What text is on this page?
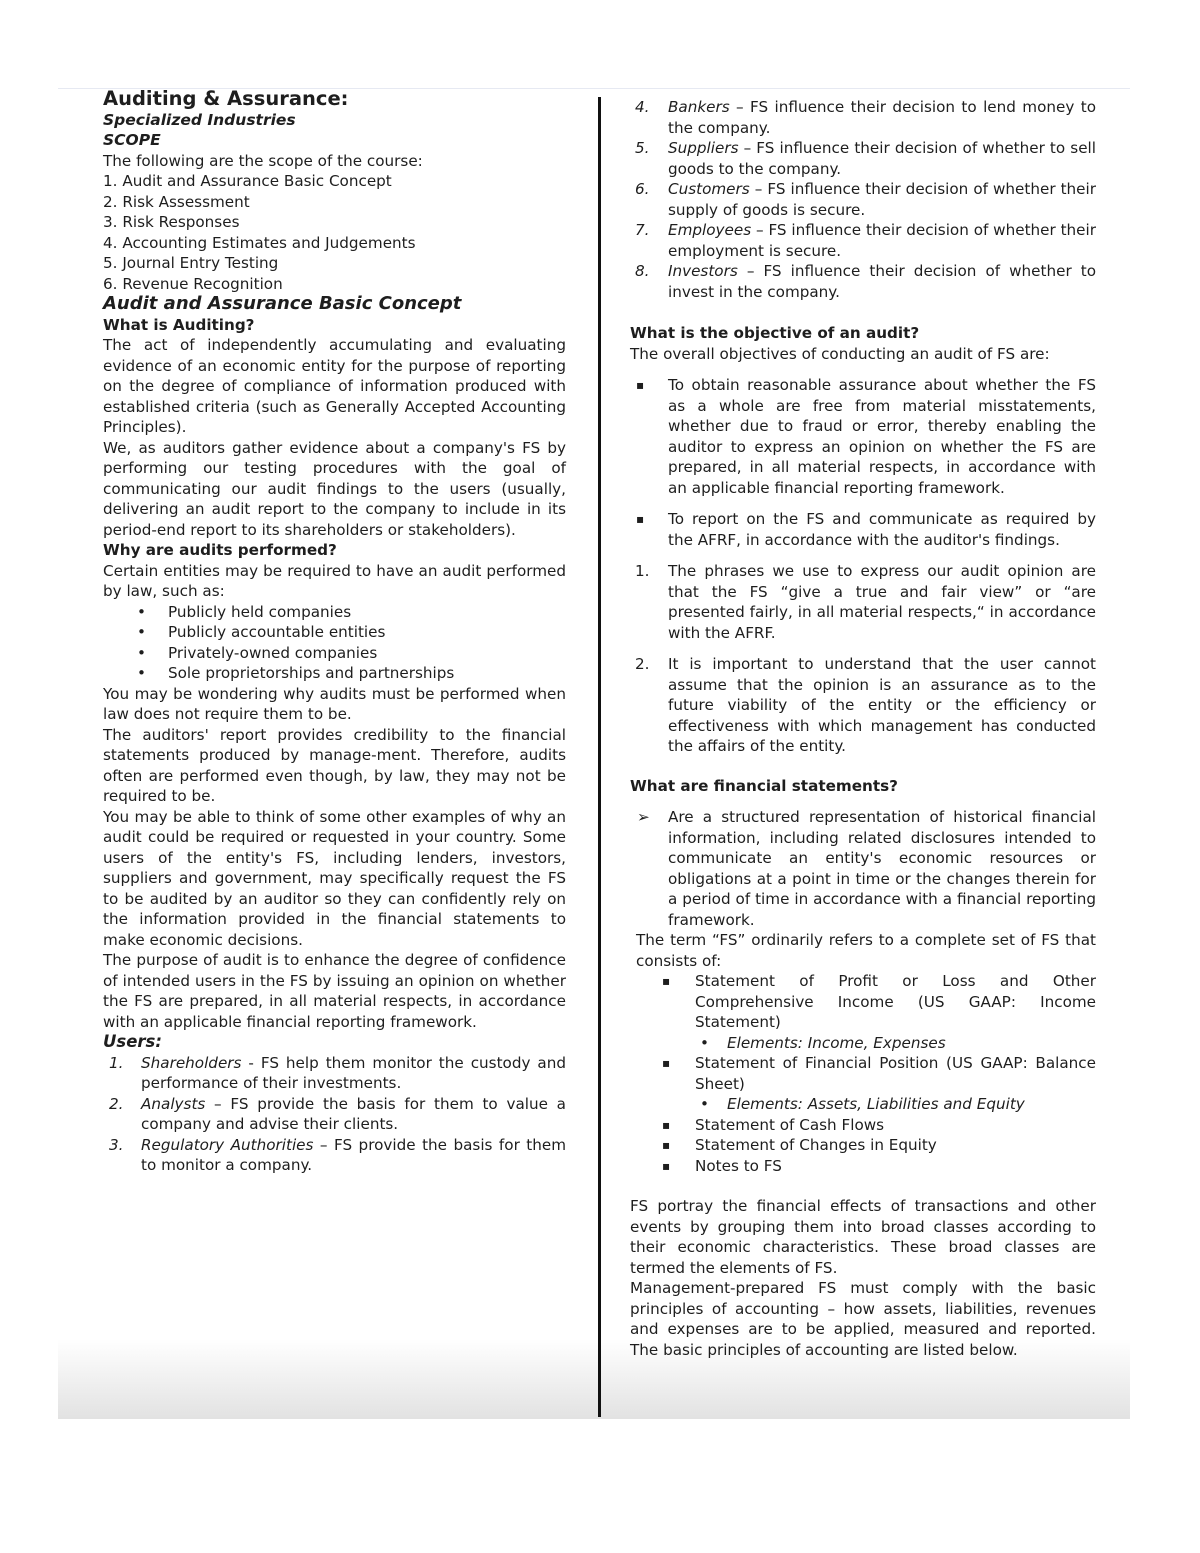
Auditing & Assurance:

Specialized Industries

SCOPE

The following are the scope of the course:

1. Audit and Assurance Basic Concept

2. Risk Assessment

3. Risk Responses

4. Accounting Estimates and Judgements

5. Journal Entry Testing

6. Revenue Recognition

Audit and Assurance Basic Concept

What is Auditing?

The act of independently accumulating and evaluating evidence of an economic entity for the purpose of reporting on the degree of compliance of information produced with established criteria (such as Generally Accepted Accounting Principles).

We, as auditors gather evidence about a company's FS by performing our testing procedures with the goal of communicating our audit findings to the users (usually, delivering an audit report to the company to include in its period-end report to its shareholders or stakeholders).

Why are audits performed?

Certain entities may be required to have an audit performed by law, such as:

•	Publicly held companies
•	Publicly accountable entities
•	Privately-owned companies
•	Sole proprietorships and partnerships

You may be wondering why audits must be performed when law does not require them to be.

The auditors' report provides credibility to the financial statements produced by manage-ment. Therefore, audits often are performed even though, by law, they may not be required to be.

You may be able to think of some other examples of why an audit could be required or requested in your country. Some users of the entity's FS, including lenders, investors, suppliers and government, may specifically request the FS to be audited by an auditor so they can confidently rely on the information provided in the financial statements to make economic decisions.

The purpose of audit is to enhance the degree of confidence of intended users in the FS by issuing an opinion on whether the FS are prepared, in all material respects, in accordance with an applicable financial reporting framework.

Users:

1.	Shareholders - FS help them monitor the custody and performance of their investments.
2.	Analysts – FS provide the basis for them to value a company and advise their clients.
3.	Regulatory Authorities – FS provide the basis for them to monitor a company.
4.	Bankers – FS influence their decision to lend money to the company.
5.	Suppliers – FS influence their decision of whether to sell goods to the company.
6.	Customers – FS influence their decision of whether their supply of goods is secure.
7.	Employees – FS influence their decision of whether their employment is secure.
8.	Investors – FS influence their decision of whether to invest in the company.

What is the objective of an audit?

The overall objectives of conducting an audit of FS are:

▪	To obtain reasonable assurance about whether the FS as a whole are free from material misstatements, whether due to fraud or error, thereby enabling the auditor to express an opinion on whether the FS are prepared, in all material respects, in accordance with an applicable financial reporting framework.
▪	To report on the FS and communicate as required by the AFRF, in accordance with the auditor's findings.
1.	The phrases we use to express our audit opinion are that the FS “give a true and fair view” or “are presented fairly, in all material respects,“ in accordance with the AFRF.
2.	It is important to understand that the user cannot assume that the opinion is an assurance as to the future viability of the entity or the efficiency or effectiveness with which management has conducted the affairs of the entity.

What are financial statements?

➢	Are a structured representation of historical financial information, including related disclosures intended to communicate an entity's economic resources or obligations at a point in time or the changes therein for a period of time in accordance with a financial reporting framework.

The term “FS” ordinarily refers to a complete set of FS that consists of:

▪	Statement of Profit or Loss and Other Comprehensive Income (US GAAP: Income Statement)
•	Elements: Income, Expenses
▪	Statement of Financial Position (US GAAP: Balance Sheet)
•	Elements: Assets, Liabilities and Equity
▪	Statement of Cash Flows
▪	Statement of Changes in Equity
▪	Notes to FS

FS portray the financial effects of transactions and other events by grouping them into broad classes according to their economic characteristics. These broad classes are termed the elements of FS.

Management-prepared FS must comply with the basic principles of accounting – how assets, liabilities, revenues and expenses are to be applied, measured and reported. The basic principles of accounting are listed below.
